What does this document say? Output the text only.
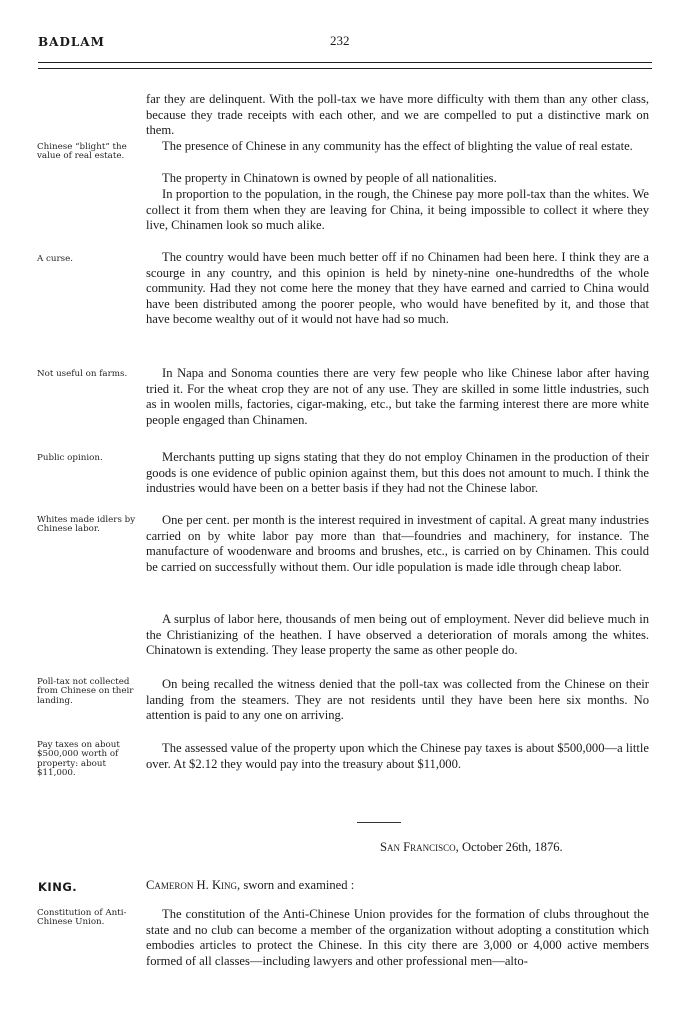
BADLAM	232
Chinese “blight” the value of real estate.
A curse.
Not useful on farms.
Public opinion.
Whites made idlers by Chinese labor.
Poll-tax not collected from Chinese on their landing.
Pay taxes on about $500,000 worth of property: about $11,000.
Constitution of Anti-Chinese Union.
far they are delinquent. With the poll-tax we have more difficulty with them than any other class, because they trade receipts with each other, and we are compelled to put a distinctive mark on them.
The presence of Chinese in any community has the effect of blighting the value of real estate.
The property in Chinatown is owned by people of all nationalities.
In proportion to the population, in the rough, the Chinese pay more poll-tax than the whites. We collect it from them when they are leaving for China, it being impossible to collect it where they live, Chinamen look so much alike.
The country would have been much better off if no Chinamen had been here. I think they are a scourge in any country, and this opinion is held by ninety-nine one-hundredths of the whole community. Had they not come here the money that they have earned and carried to China would have been distributed among the poorer people, who would have benefited by it, and those that have become wealthy out of it would not have had so much.
In Napa and Sonoma counties there are very few people who like Chinese labor after having tried it. For the wheat crop they are not of any use. They are skilled in some little industries, such as in woolen mills, factories, cigar-making, etc., but take the farming interest there are more white people engaged than Chinamen.
Merchants putting up signs stating that they do not employ Chinamen in the production of their goods is one evidence of public opinion against them, but this does not amount to much. I think the industries would have been on a better basis if they had not the Chinese labor.
One per cent. per month is the interest required in investment of capital. A great many industries carried on by white labor pay more than that—foundries and machinery, for instance. The manufacture of woodenware and brooms and brushes, etc., is carried on by Chinamen. This could be carried on successfully without them. Our idle population is made idle through cheap labor.
A surplus of labor here, thousands of men being out of employment. Never did believe much in the Christianizing of the heathen. I have observed a deterioration of morals among the whites. Chinatown is extending. They lease property the same as other people do.
On being recalled the witness denied that the poll-tax was collected from the Chinese on their landing from the steamers. They are not residents until they have been here six months. No attention is paid to any one on arriving.
The assessed value of the property upon which the Chinese pay taxes is about $500,000—a little over. At $2.12 they would pay into the treasury about $11,000.
San Francisco, October 26th, 1876.
KING.	Cameron H. King, sworn and examined :
The constitution of the Anti-Chinese Union provides for the formation of clubs throughout the state and no club can become a member of the organization without adopting a constitution which embodies articles to protect the Chinese. In this city there are 3,000 or 4,000 active members formed of all classes—including lawyers and other professional men—alto-
